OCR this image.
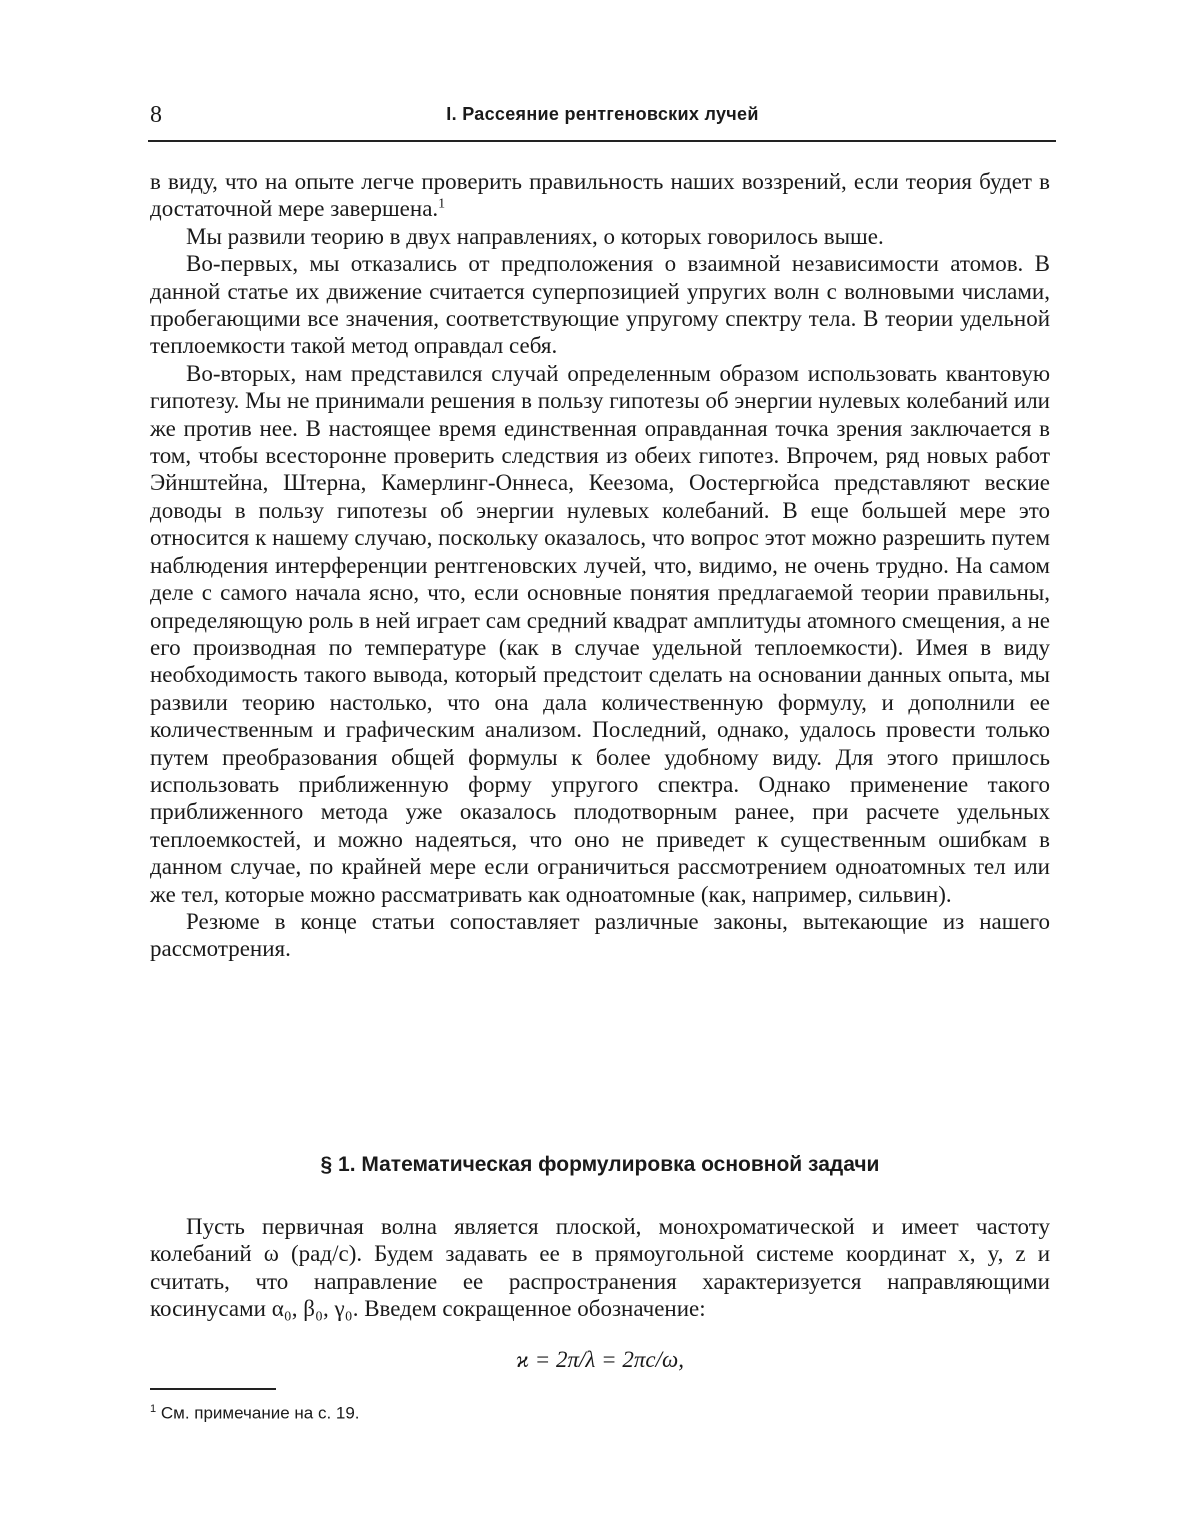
8	I. Рассеяние рентгеновских лучей

в виду, что на опыте легче проверить правильность наших воззрений, если теория будет в достаточной мере завершена.$^1$

Мы развили теорию в двух направлениях, о которых говорилось выше.

Во-первых, мы отказались от предположения о взаимной независимости атомов. В данной статье их движение считается суперпозицией упругих волн с волновыми числами, пробегающими все значения, соответствующие упругому спектру тела. В теории удельной теплоемкости такой метод оправдал себя.

Во-вторых, нам представился случай определенным образом использовать квантовую гипотезу. Мы не принимали решения в пользу гипотезы об энергии нулевых колебаний или же против нее. В настоящее время единственная оправданная точка зрения заключается в том, чтобы всесторонне проверить следствия из обеих гипотез. Впрочем, ряд новых работ Эйнштейна, Штерна, Камерлинг-Оннеса, Кеезома, Оостергюйса представляют веские доводы в пользу гипотезы об энергии нулевых колебаний. В еще большей мере это относится к нашему случаю, поскольку оказалось, что вопрос этот можно разрешить путем наблюдения интерференции рентгеновских лучей, что, видимо, не очень трудно. На самом деле с самого начала ясно, что, если основные понятия предлагаемой теории правильны, определяющую роль в ней играет сам средний квадрат амплитуды атомного смещения, а не его производная по температуре (как в случае удельной теплоемкости). Имея в виду необходимость такого вывода, который предстоит сделать на основании данных опыта, мы развили теорию настолько, что она дала количественную формулу, и дополнили ее количественным и графическим анализом. Последний, однако, удалось провести только путем преобразования общей формулы к более удобному виду. Для этого пришлось использовать приближенную форму упругого спектра. Однако применение такого приближенного метода уже оказалось плодотворным ранее, при расчете удельных теплоемкостей, и можно надеяться, что оно не приведет к существенным ошибкам в данном случае, по крайней мере если ограничиться рассмотрением одноатомных тел или же тел, которые можно рассматривать как одноатомные (как, например, сильвин).

Резюме в конце статьи сопоставляет различные законы, вытекающие из нашего рассмотрения.

§ 1. Математическая формулировка основной задачи

Пусть первичная волна является плоской, монохроматической и имеет частоту колебаний ω (рад/с). Будем задавать ее в прямоугольной системе координат x, y, z и считать, что направление ее распространения характеризуется направляющими косинусами α₀, β₀, γ₀. Введем сокращенное обозначение:

ϰ = 2π/λ = 2πc/ω,
$^1$ См. примечание на с. 19.
